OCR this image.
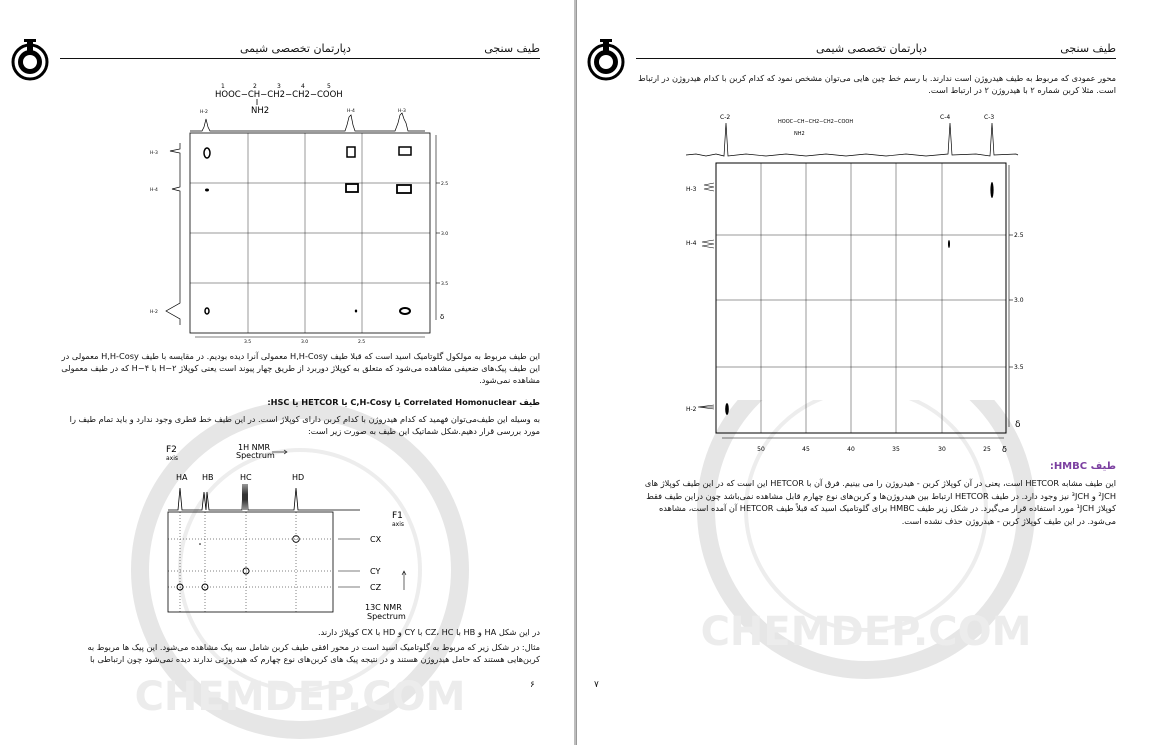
CHEMDEP.COM
دپارتمان تخصصی شیمی	طیف سنجی
1	2	3	4	5
HOOC−CH−CH2−CH2−COOH
NH2
H-2	H-4	H-3
H-3
H-4
H-2
2.5
3.0
3.5
δ
3.5	3.0	2.5
این طیف مربوط به مولکول گلوتامیک اسید است که قبلا طیف H,H-Cosy معمولی آنرا دیده بودیم. در مقایسه با طیف H,H-Cosy معمولی در این طیف پیک‌های ضعیفی مشاهده می‌شود که متعلق به کوپلاژ دوربرد از طریق چهار پیوند است یعنی کوپلاژ ۲−H با ۴−H که در طیف معمولی مشاهده نمی‌شود.
طیف Correlated Homonuclear یا C,H-Cosy یا HETCOR یا HSC:
به وسیله این طیف‌می‌توان فهمید که کدام هیدروژن با کدام کربن دارای کوپلاژ است. در این طیف خط قطری وجود ندارد و باید تمام طیف را مورد بررسی قرار دهیم.شکل شماتیک این طیف به صورت زیر است:
F2
axis
1H NMR
Spectrum
HA HB	HC	HD
F1
axis
CX
CY
CZ
13C NMR
Spectrum
در این شکل HA و HB با CZ، HC با CY و HD با CX کوپلاژ دارند.
مثال: در شکل زیر که مربوط به گلوتامیک اسید است در محور افقی طیف کربن شامل سه پیک مشاهده می‌شود. این پیک ها مربوط به کربن‌هایی هستند که حامل هیدروژن هستند و در نتیجه پیک های کربن‌های نوع چهارم که هیدروژنی ندارند دیده نمی‌شود چون ارتباطی با
۶
CHEMDEP.COM
دپارتمان تخصصی شیمی	طیف سنجی
محور عمودی که مربوط به طیف هیدروژن است ندارند. با رسم خط چین هایی می‌توان مشخص نمود که کدام کربن با کدام هیدروژن در ارتباط است. مثلا کربن شماره ۲ با هیدروژن ۲ در ارتباط است.
C-2	C-4	C-3
HOOC−CH−CH2−CH2−COOH
NH2
H-3
H-4
H-2
2.5
3.0
3.5
δ
50	45	40	35	30	25 δ
طیف HMBC:
این طیف مشابه HETCOR است، یعنی در آن کوپلاژ کربن - هیدروژن را می بینیم. فرق آن با HETCOR این است که در این طیف کوپلاژ های ²JCH و ³JCH نیز وجود دارد. در طیف HETCOR ارتباط بین هیدروژن‌ها و کربن‌های نوع چهارم قابل مشاهده نمی‌باشد چون دراین طیف فقط کوپلاژ ¹JCH مورد استفاده قرار می‌گیرد. در شکل زیر طیف HMBC برای گلوتامیک اسید که قبلاً طیف HETCOR آن آمده است، مشاهده می‌شود. در این طیف کوپلاژ کربن - هیدروژن حذف نشده است.
۷
